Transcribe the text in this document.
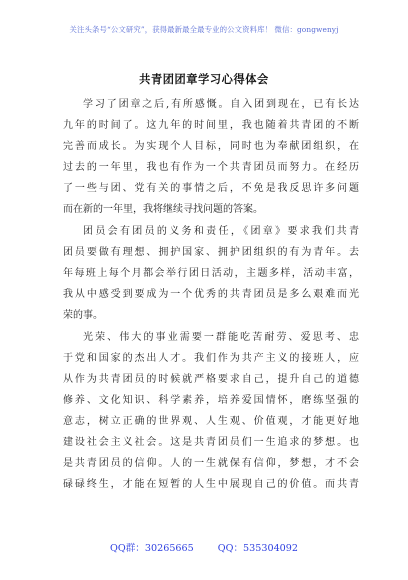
关注头条号“公文研究”，获得最新最全最专业的公文资料库！ 微信：gongwenyj
共青团团章学习心得体会
学习了团章之后,有所感慨。自入团到现在，已有长达
九年的时间了。这九年的时间里，我也随着共青团的不断
完善而成长。为实现个人目标，同时也为奉献团组织，在
过去的一年里，我也有作为一个共青团员而努力。在经历
了一些与团、党有关的事情之后，不免是我反思许多问题
而在新的一年里，我将继续寻找问题的答案。
团员会有团员的义务和责任，《团章》要求我们共青
团员要做有理想、拥护国家、拥护团组织的有为青年。去
年每班上每个月都会举行团日活动，主题多样，活动丰富，
我从中感受到要成为一个优秀的共青团员是多么艰难而光
荣的事。
光荣、伟大的事业需要一群能吃苦耐劳、爱思考、忠
于党和国家的杰出人才。我们作为共产主义的接班人，应
从作为共青团员的时候就严格要求自己，提升自己的道德
修养、文化知识、科学素养，培养爱国情怀，磨练坚强的
意志，树立正确的世界观、人生观、价值观，才能更好地
建设社会主义社会。这是共青团员们一生追求的梦想。也
是共青团员的信仰。人的一生就保有信仰，梦想，才不会
碌碌终生，才能在短暂的人生中展现自己的价值。而共青
QQ群：30265665	QQ：535304092
